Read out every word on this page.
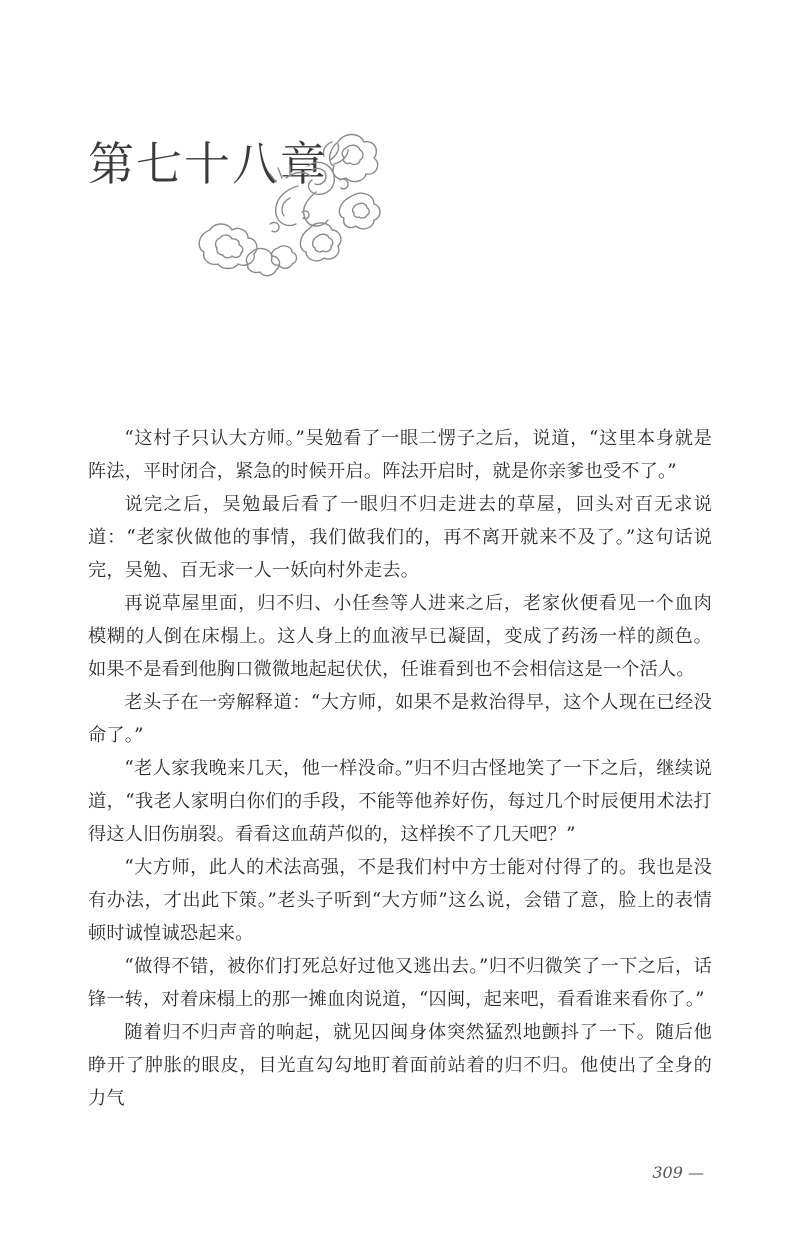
第七十八章

“这村子只认大方师。”吴勉看了一眼二愣子之后，说道，“这里本身就是阵法，平时闭合，紧急的时候开启。阵法开启时，就是你亲爹也受不了。”

说完之后，吴勉最后看了一眼归不归走进去的草屋，回头对百无求说道：“老家伙做他的事情，我们做我们的，再不离开就来不及了。”这句话说完，吴勉、百无求一人一妖向村外走去。

再说草屋里面，归不归、小任叁等人进来之后，老家伙便看见一个血肉模糊的人倒在床榻上。这人身上的血液早已凝固，变成了药汤一样的颜色。如果不是看到他胸口微微地起起伏伏，任谁看到也不会相信这是一个活人。

老头子在一旁解释道：“大方师，如果不是救治得早，这个人现在已经没命了。”

“老人家我晚来几天，他一样没命。”归不归古怪地笑了一下之后，继续说道，“我老人家明白你们的手段，不能等他养好伤，每过几个时辰便用术法打得这人旧伤崩裂。看看这血葫芦似的，这样挨不了几天吧？”

“大方师，此人的术法高强，不是我们村中方士能对付得了的。我也是没有办法，才出此下策。”老头子听到“大方师”这么说，会错了意，脸上的表情顿时诚惶诚恐起来。

“做得不错，被你们打死总好过他又逃出去。”归不归微笑了一下之后，话锋一转，对着床榻上的那一摊血肉说道，“囚闽，起来吧，看看谁来看你了。”

随着归不归声音的响起，就见囚闽身体突然猛烈地颤抖了一下。随后他睁开了肿胀的眼皮，目光直勾勾地盯着面前站着的归不归。他使出了全身的力气

309 —
